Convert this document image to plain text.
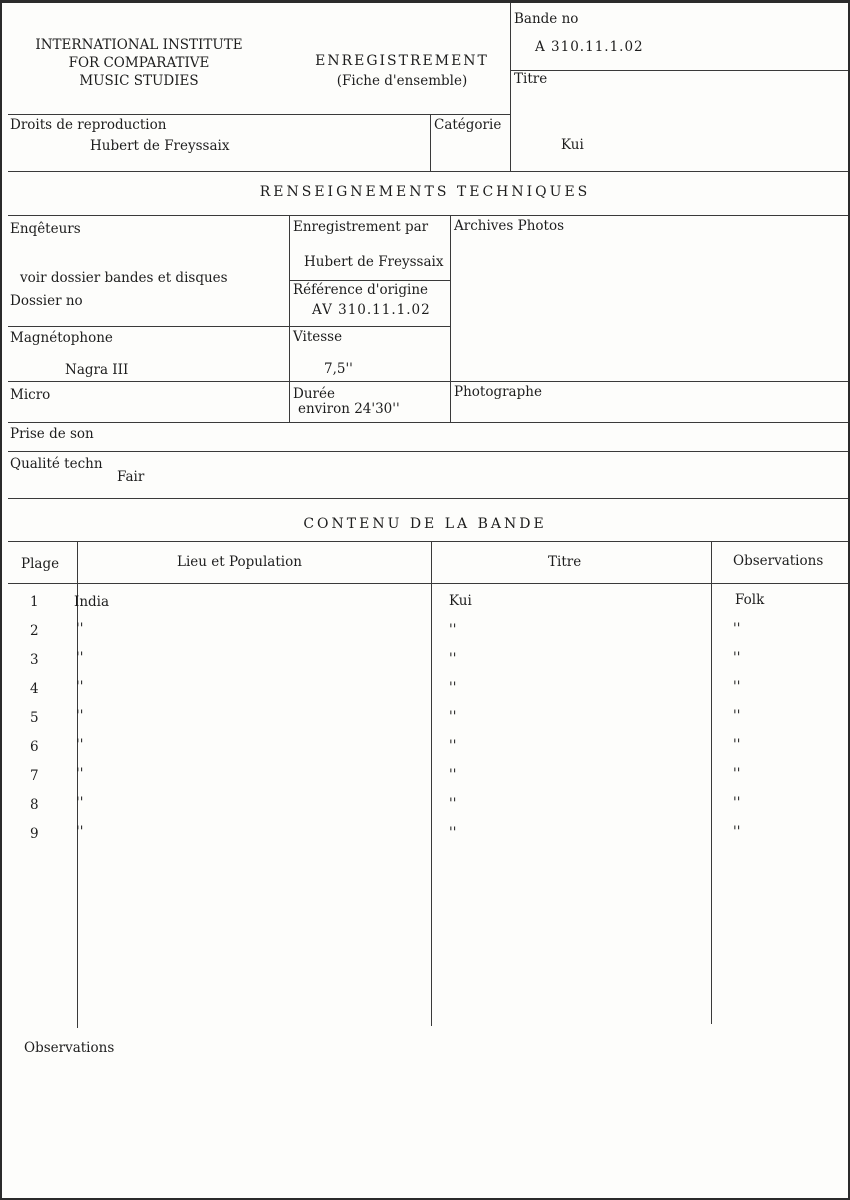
INTERNATIONAL INSTITUTE
FOR COMPARATIVE
MUSIC STUDIES
ENREGISTREMENT
(Fiche d'ensemble)
Bande no
A 310.11.1.02
Titre
Kui
Droits de reproduction
Hubert de Freyssaix
Catégorie
RENSEIGNEMENTS TECHNIQUES
Enqêteurs
voir dossier bandes et disques
Dossier no
Enregistrement par
Hubert de Freyssaix
Référence d'origine
AV 310.11.1.02
Archives Photos
Magnétophone
Nagra III
Vitesse
7,5''
Micro	Durée
environ 24'30''
Photographe
Prise de son
Qualité techn
Fair
CONTENU DE LA BANDE
Plage	Lieu et Population	Titre	Observations
1	India	Kui	Folk
2	''	''	''
3	''	''	''
4	''	''	''
5	''	''	''
6	''	''	''
7	''	''	''
8	''	''	''
9	''	''	''
Observations
